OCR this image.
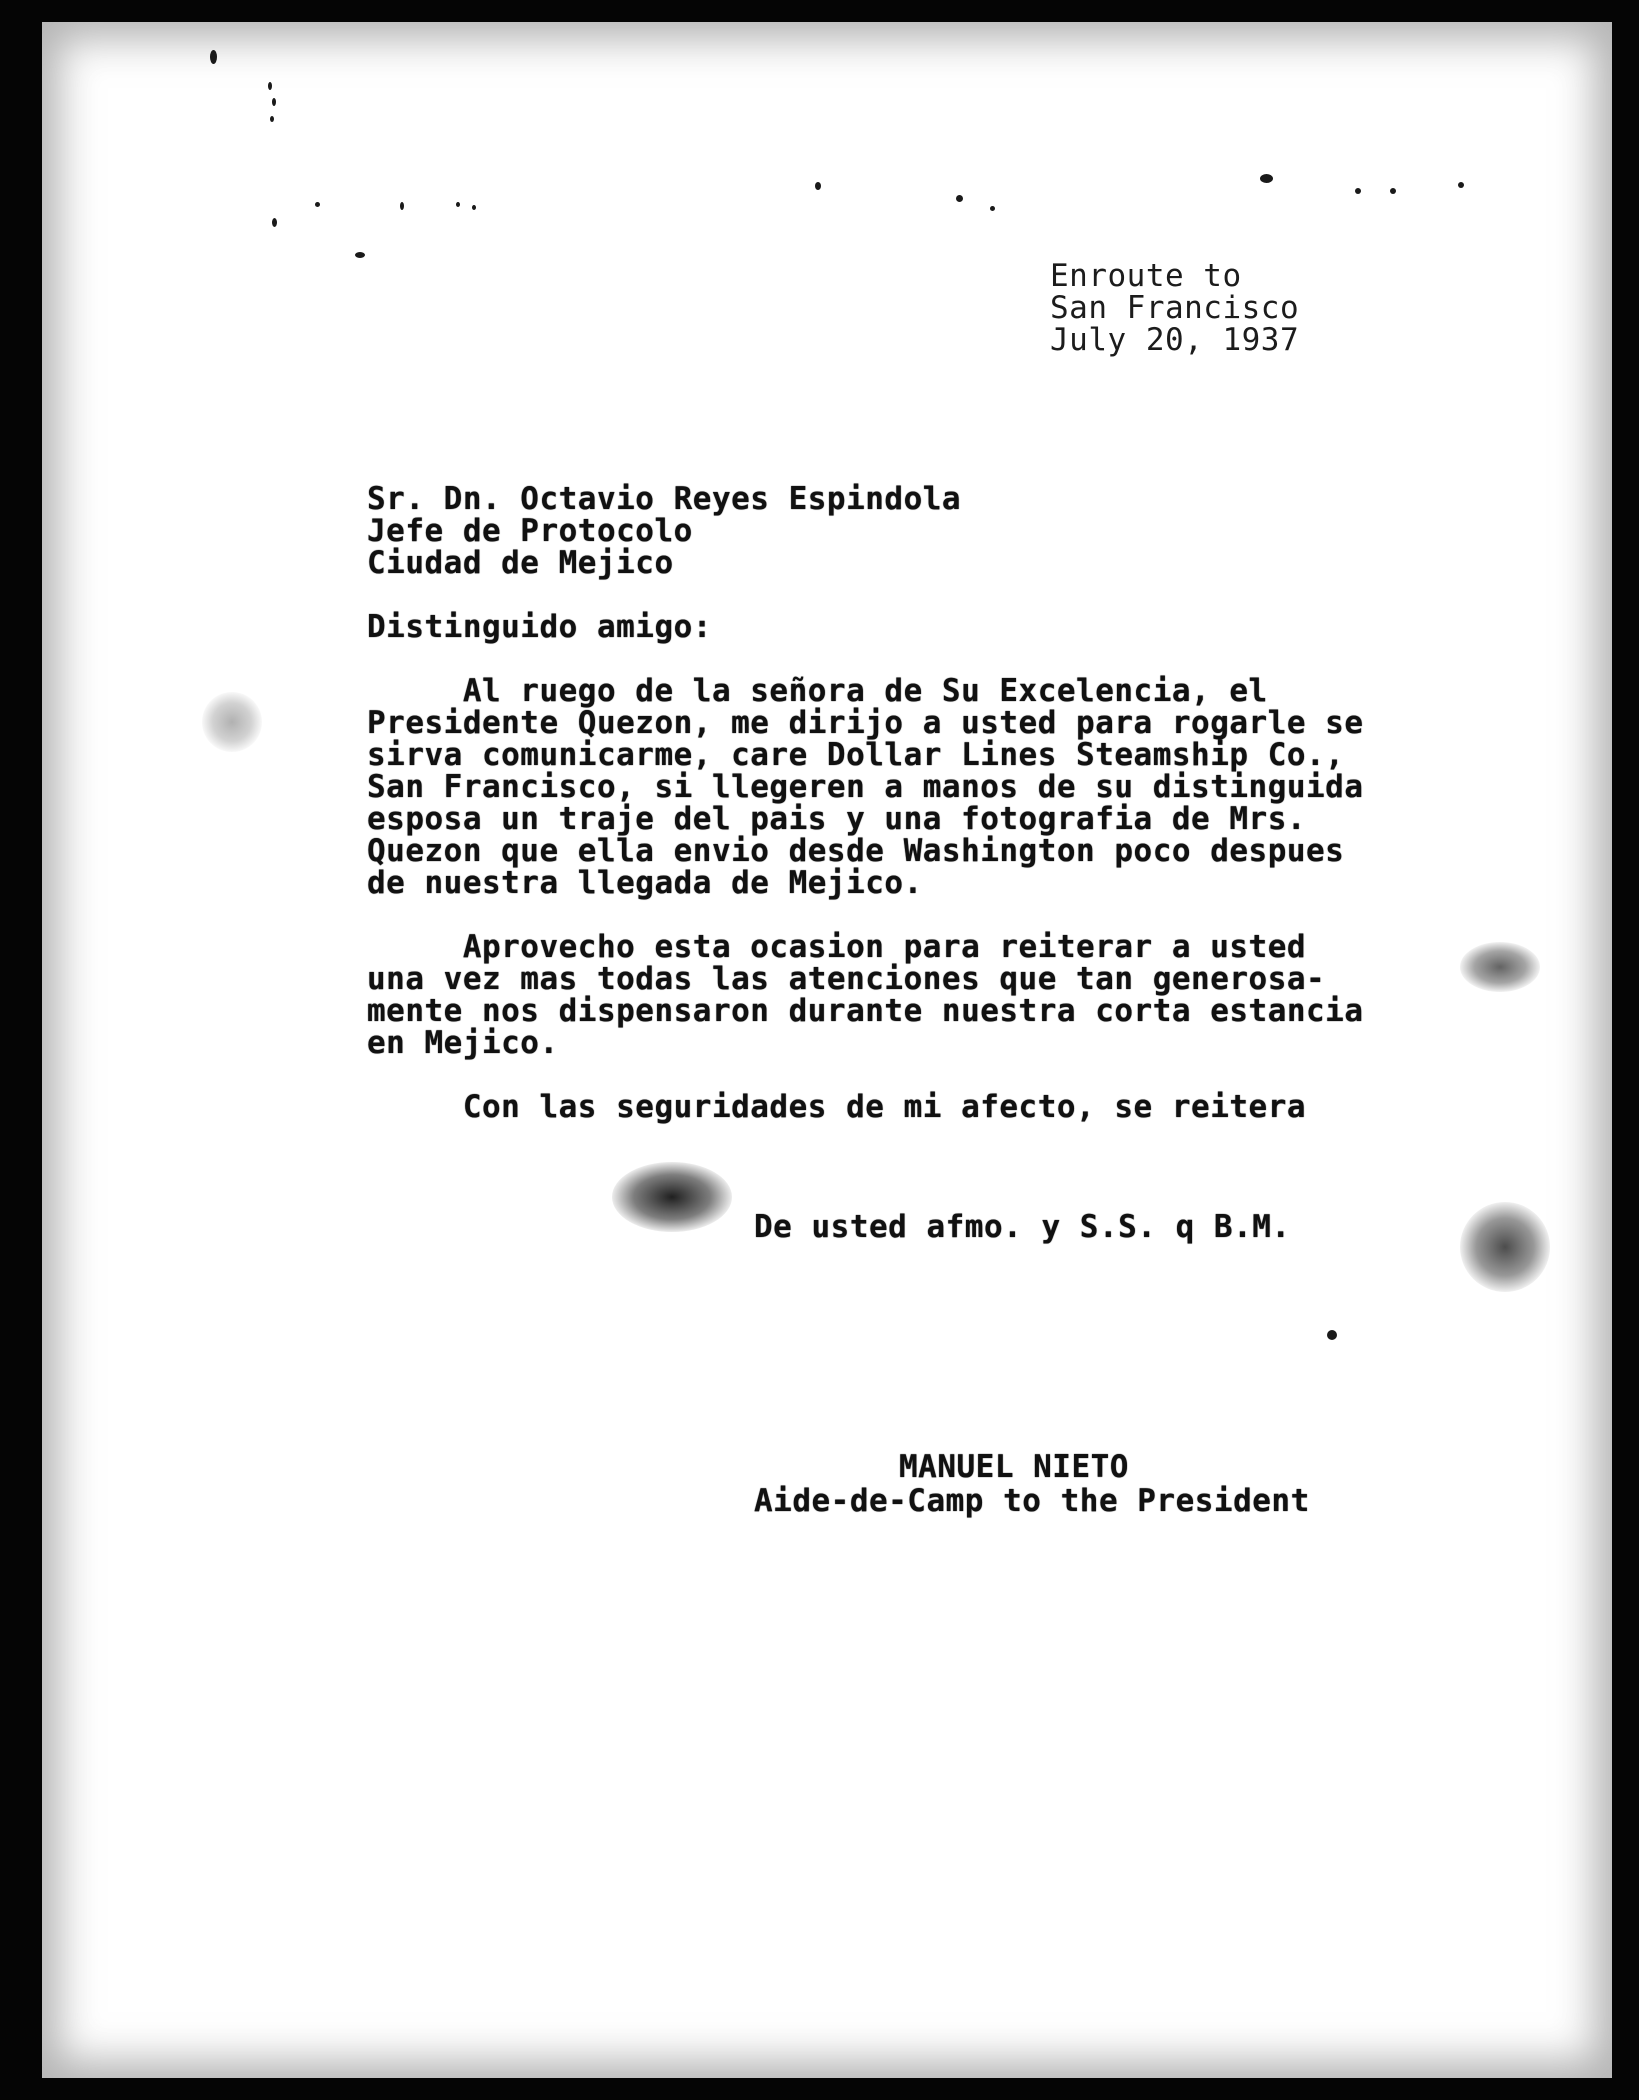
Enroute to
San Francisco
July 20, 1937
Sr. Dn. Octavio Reyes Espindola
Jefe de Protocolo
Ciudad de Mejico
Distinguido amigo:
Al ruego de la señora de Su Excelencia, el
Presidente Quezon, me dirijo a usted para rogarle se
sirva comunicarme, care Dollar Lines Steamship Co.,
San Francisco, si llegeren a manos de su distinguida
esposa un traje del pais y una fotografia de Mrs.
Quezon que ella envio desde Washington poco despues
de nuestra llegada de Mejico.
Aprovecho esta ocasion para reiterar a usted
una vez mas todas las atenciones que tan generosa-
mente nos dispensaron durante nuestra corta estancia
en Mejico.
Con las seguridades de mi afecto, se reitera
De usted afmo. y S.S. q B.M.
MANUEL NIETO
Aide-de-Camp to the President
